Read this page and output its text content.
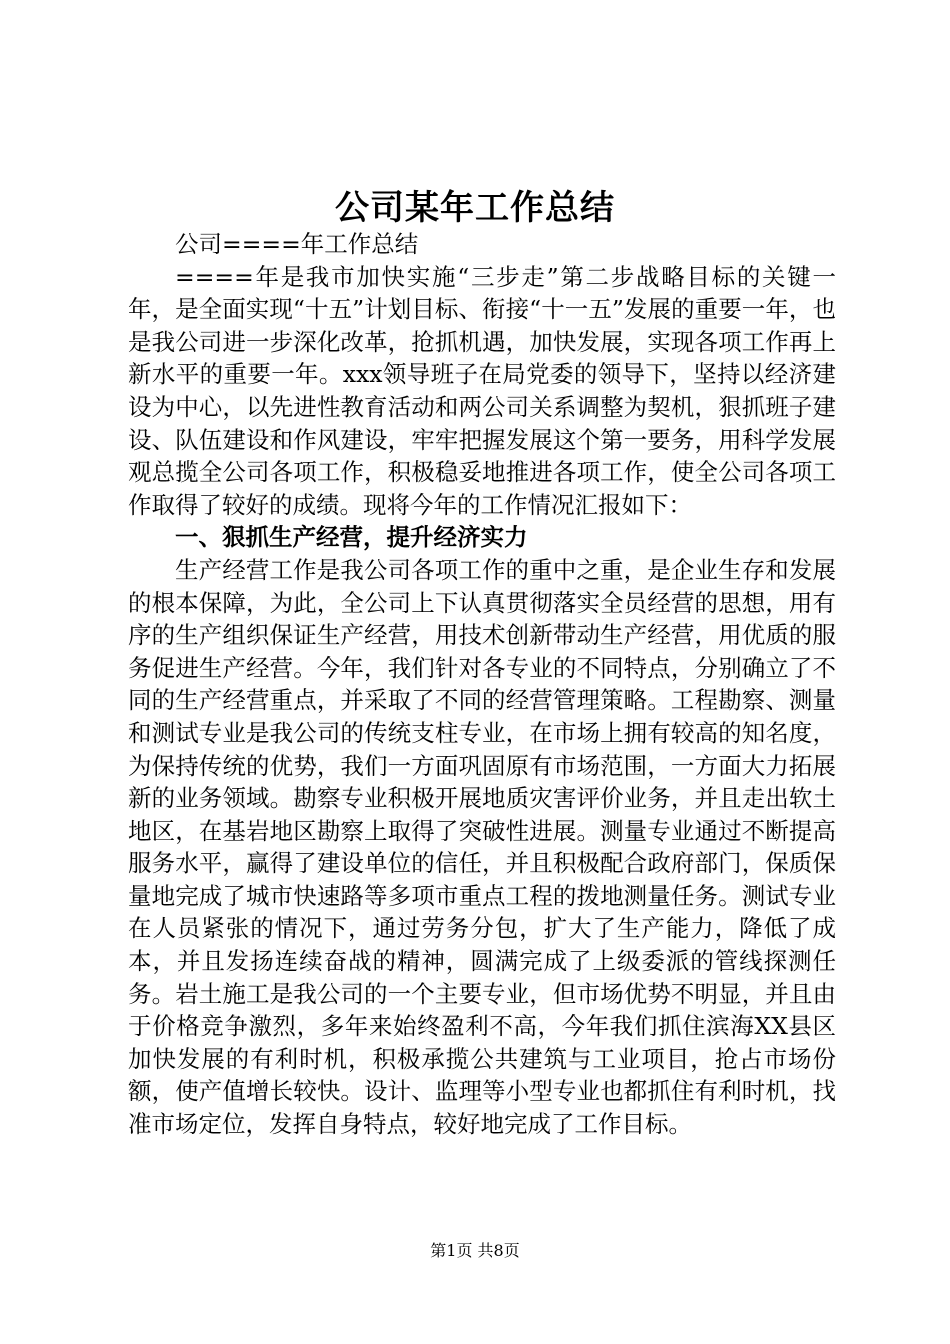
公司某年工作总结

公司====年工作总结

====年是我市加快实施“三步走”第二步战略目标的关键一年，是全面实现“十五”计划目标、衔接“十一五”发展的重要一年，也是我公司进一步深化改革，抢抓机遇，加快发展，实现各项工作再上新水平的重要一年。xxx领导班子在局党委的领导下，坚持以经济建设为中心，以先进性教育活动和两公司关系调整为契机，狠抓班子建设、队伍建设和作风建设，牢牢把握发展这个第一要务，用科学发展观总揽全公司各项工作，积极稳妥地推进各项工作，使全公司各项工作取得了较好的成绩。现将今年的工作情况汇报如下：

一、狠抓生产经营，提升经济实力

生产经营工作是我公司各项工作的重中之重，是企业生存和发展的根本保障，为此，全公司上下认真贯彻落实全员经营的思想，用有序的生产组织保证生产经营，用技术创新带动生产经营，用优质的服务促进生产经营。今年，我们针对各专业的不同特点，分别确立了不同的生产经营重点，并采取了不同的经营管理策略。工程勘察、测量和测试专业是我公司的传统支柱专业，在市场上拥有较高的知名度，为保持传统的优势，我们一方面巩固原有市场范围，一方面大力拓展新的业务领域。勘察专业积极开展地质灾害评价业务，并且走出软土地区，在基岩地区勘察上取得了突破性进展。测量专业通过不断提高服务水平，赢得了建设单位的信任，并且积极配合政府部门，保质保量地完成了城市快速路等多项市重点工程的拨地测量任务。测试专业在人员紧张的情况下，通过劳务分包，扩大了生产能力，降低了成本，并且发扬连续奋战的精神，圆满完成了上级委派的管线探测任务。岩土施工是我公司的一个主要专业，但市场优势不明显，并且由于价格竞争激烈，多年来始终盈利不高，今年我们抓住滨海XX县区加快发展的有利时机，积极承揽公共建筑与工业项目，抢占市场份额，使产值增长较快。设计、监理等小型专业也都抓住有利时机，找准市场定位，发挥自身特点，较好地完成了工作目标。

第1页 共8页
